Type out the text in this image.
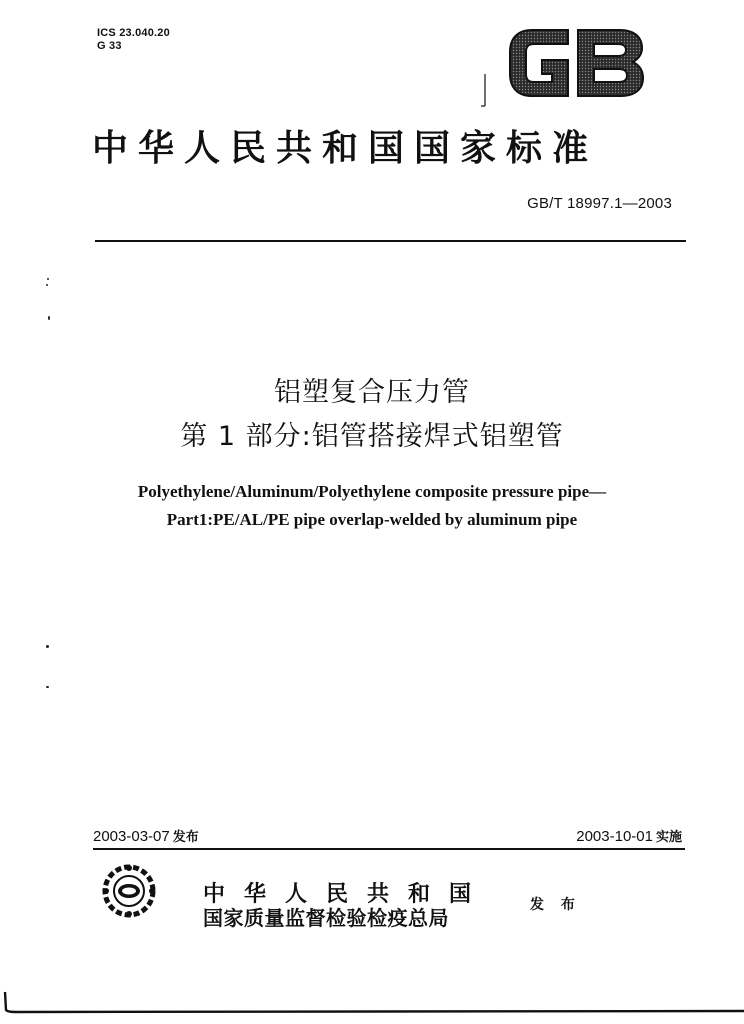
ICS 23.040.20
G 33
中华人民共和国国家标准
GB/T 18997.1—2003
铝塑复合压力管
第 1 部分:铝管搭接焊式铝塑管
Polyethylene/Aluminum/Polyethylene composite pressure pipe—
Part1:PE/AL/PE pipe overlap-welded by aluminum pipe
2003-03-07 发布	2003-10-01 实施
中华人民共和国
国家质量监督检验检疫总局
发 布
